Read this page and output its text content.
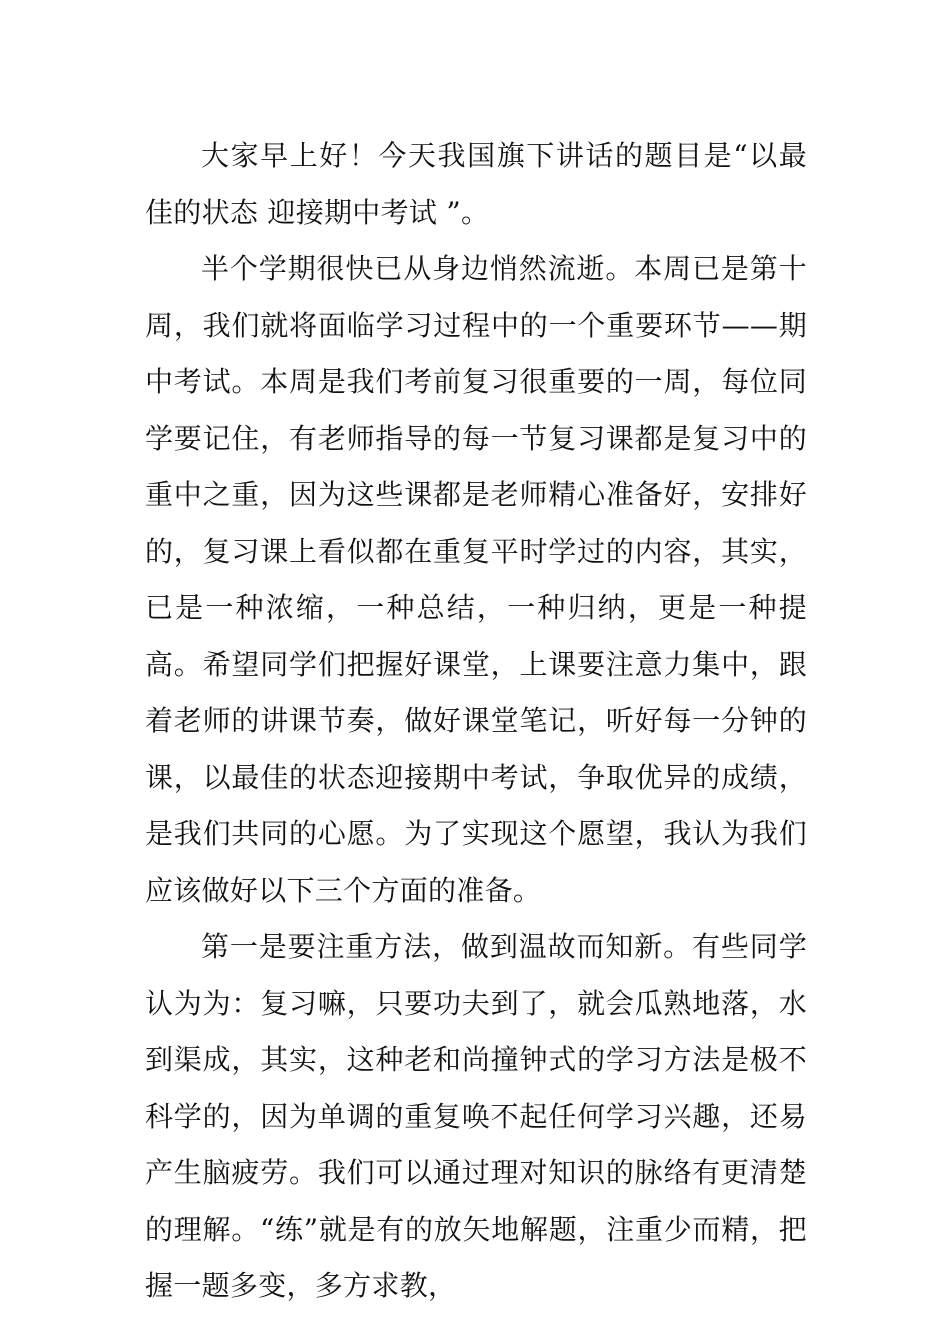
大家早上好！今天我国旗下讲话的题目是“以最佳的状态 迎接期中考试 ”。

半个学期很快已从身边悄然流逝。本周已是第十周，我们就将面临学习过程中的一个重要环节——期中考试。本周是我们考前复习很重要的一周，每位同学要记住，有老师指导的每一节复习课都是复习中的重中之重，因为这些课都是老师精心准备好，安排好的，复习课上看似都在重复平时学过的内容，其实，已是一种浓缩，一种总结，一种归纳，更是一种提高。希望同学们把握好课堂，上课要注意力集中，跟着老师的讲课节奏，做好课堂笔记，听好每一分钟的课，以最佳的状态迎接期中考试，争取优异的成绩，是我们共同的心愿。为了实现这个愿望，我认为我们应该做好以下三个方面的准备。

第一是要注重方法，做到温故而知新。有些同学认为为：复习嘛，只要功夫到了，就会瓜熟地落，水到渠成，其实，这种老和尚撞钟式的学习方法是极不科学的，因为单调的重复唤不起任何学习兴趣，还易产生脑疲劳。我们可以通过理对知识的脉络有更清楚的理解。“练”就是有的放矢地解题，注重少而精，把握一题多变，多方求教，
